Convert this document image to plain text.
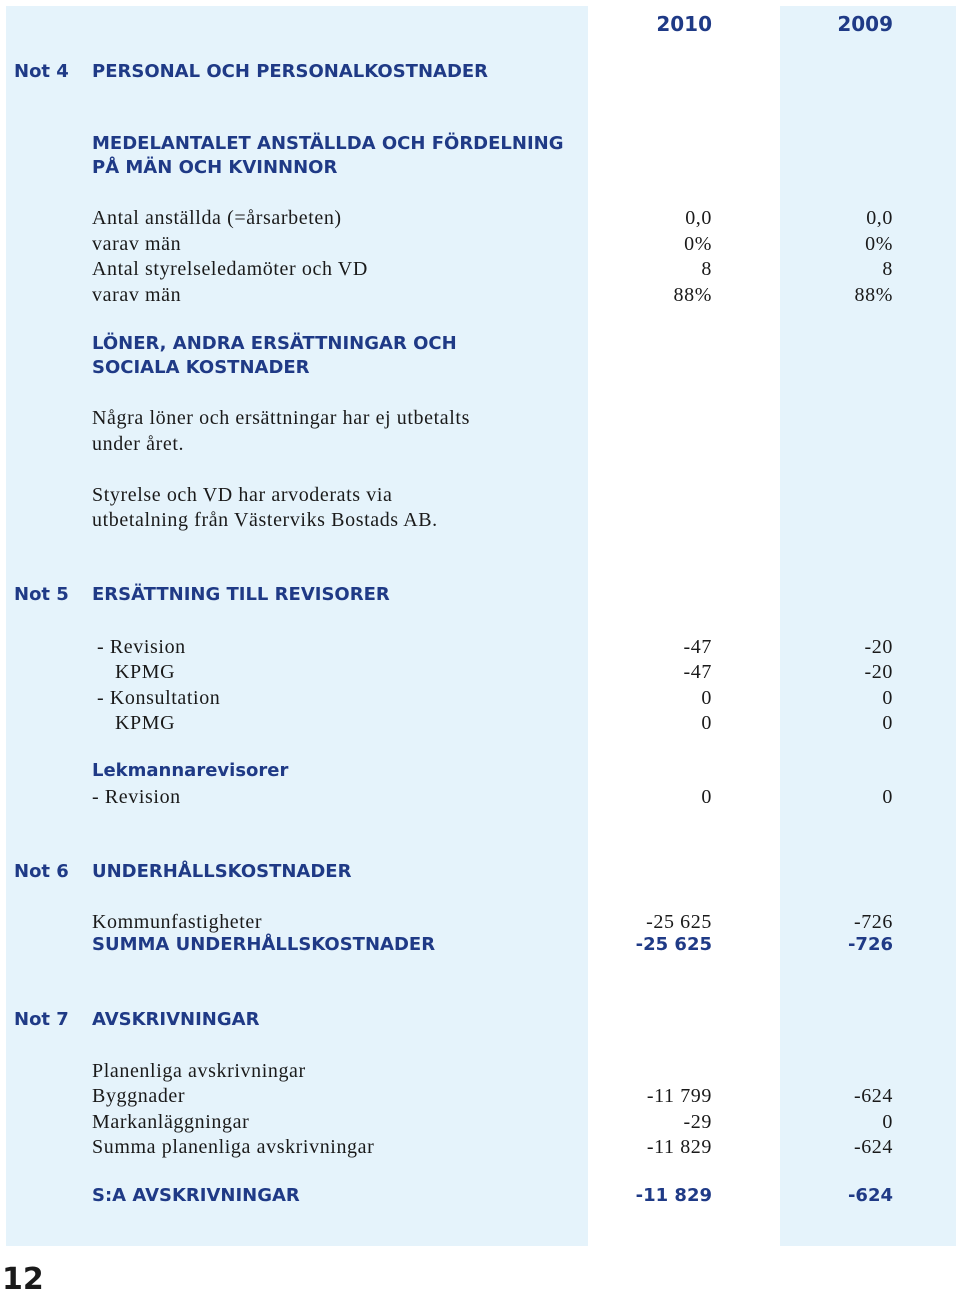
2010	2009
Not 4 PERSONAL OCH PERSONALKOSTNADER
MEDELANTALET ANSTÄLLDA OCH FÖRDELNING
PÅ MÄN OCH KVINNNOR
Antal anställda (=årsarbeten)	0,0	0,0
varav män	0%	0%
Antal styrelseledamöter och VD	8	8
varav män	88%	88%
LÖNER, ANDRA ERSÄTTNINGAR OCH
SOCIALA KOSTNADER
Några löner och ersättningar har ej utbetalts
under året.
Styrelse och VD har arvoderats via
utbetalning från Västerviks Bostads AB.
Not 5 ERSÄTTNING TILL REVISORER
- Revision	-47	-20
KPMG	-47	-20
- Konsultation	0	0
KPMG	0	0
Lekmannarevisorer
- Revision	0	0
Not 6 UNDERHÅLLSKOSTNADER
Kommunfastigheter	-25 625	-726
SUMMA UNDERHÅLLSKOSTNADER	-25 625	-726
Not 7 AVSKRIVNINGAR
Planenliga avskrivningar
Byggnader	-11 799	-624
Markanläggningar	-29	0
Summa planenliga avskrivningar	-11 829	-624
S:A AVSKRIVNINGAR	-11 829	-624
12
